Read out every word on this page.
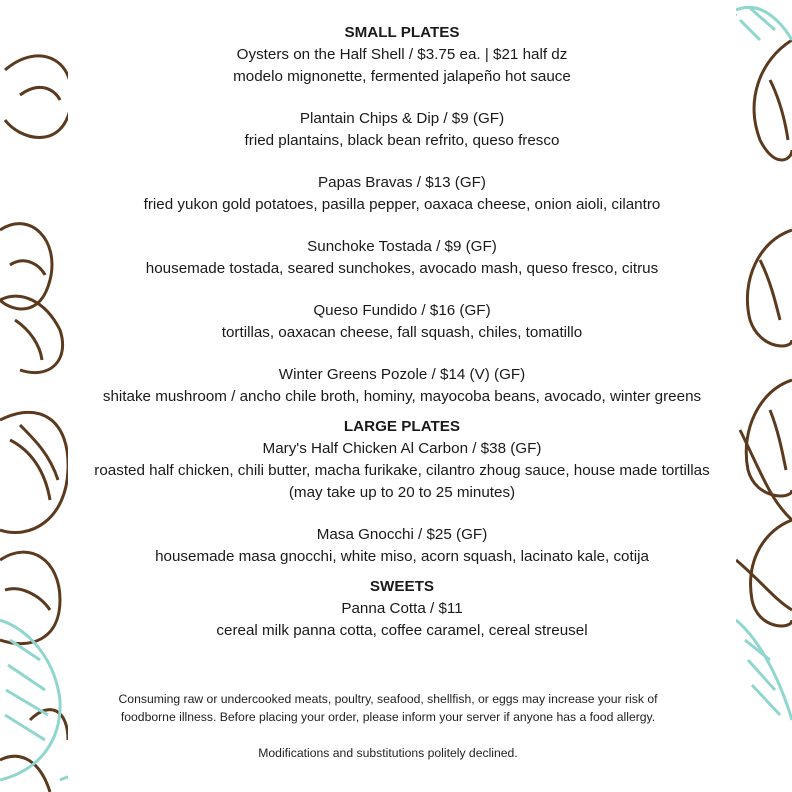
SMALL PLATES
Oysters on the Half Shell / $3.75 ea. | $21 half dz
modelo mignonette, fermented jalapeño hot sauce
Plantain Chips & Dip / $9 (GF)
fried plantains, black bean refrito, queso fresco
Papas Bravas / $13 (GF)
fried yukon gold potatoes, pasilla pepper, oaxaca cheese, onion aioli, cilantro
Sunchoke Tostada / $9 (GF)
housemade tostada, seared sunchokes, avocado mash, queso fresco, citrus
Queso Fundido / $16 (GF)
tortillas, oaxacan cheese, fall squash, chiles, tomatillo
Winter Greens Pozole / $14 (V) (GF)
shitake mushroom / ancho chile broth, hominy, mayocoba beans, avocado, winter greens
LARGE PLATES
Mary's Half Chicken Al Carbon / $38 (GF)
roasted half chicken, chili butter, macha furikake, cilantro zhoug sauce, house made tortillas
(may take up to 20 to 25 minutes)
Masa Gnocchi / $25 (GF)
housemade masa gnocchi, white miso, acorn squash, lacinato kale, cotija
SWEETS
Panna Cotta / $11
cereal milk panna cotta, coffee caramel, cereal streusel

Consuming raw or undercooked meats, poultry, seafood, shellfish, or eggs may increase your risk of

foodborne illness. Before placing your order, please inform your server if anyone has a food allergy.

Modifications and substitutions politely declined.
